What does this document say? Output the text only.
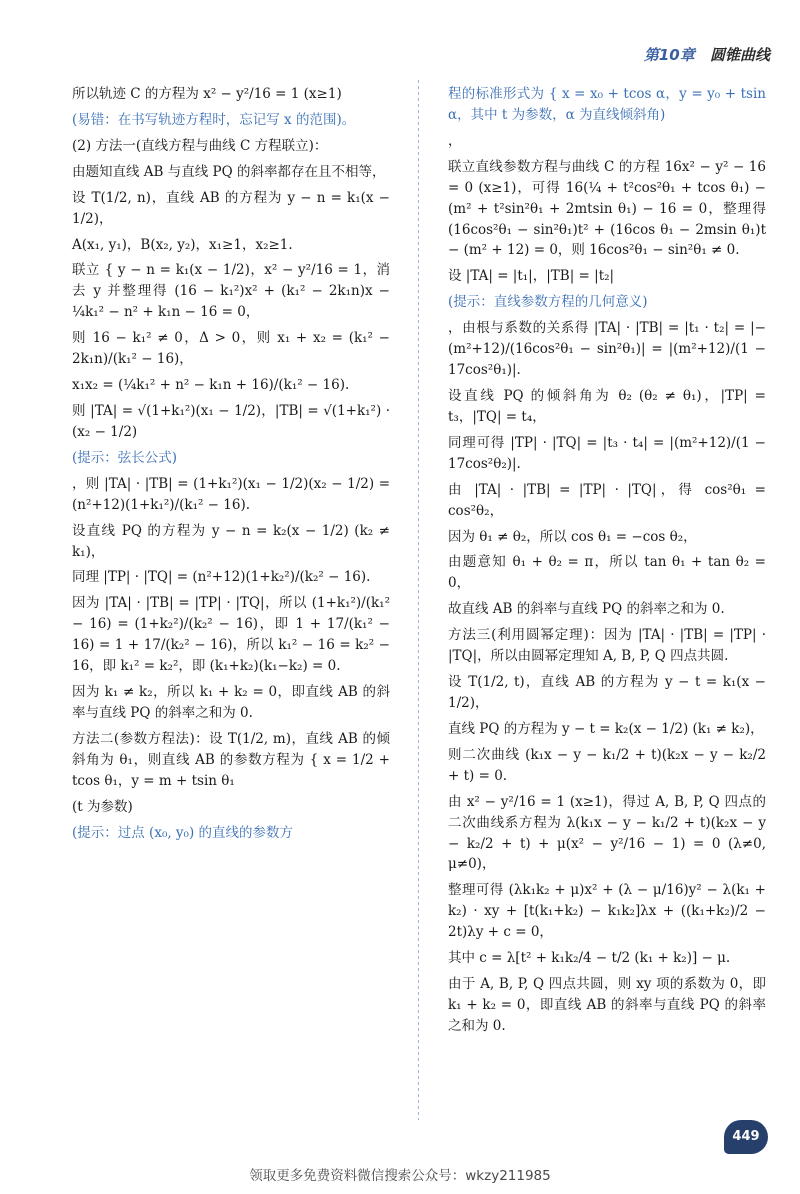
第10章 圆锥曲线

所以轨迹 C 的方程为 x² − y²/16 = 1 (x≥1)

(易错：在书写轨迹方程时，忘记写 x 的范围)。

(2) 方法一(直线方程与曲线 C 方程联立)：

由题知直线 AB 与直线 PQ 的斜率都存在且不相等，

设 T(1/2, n)，直线 AB 的方程为 y − n = k₁(x − 1/2)，

A(x₁, y₁)，B(x₂, y₂)，x₁≥1，x₂≥1.

联立 { y − n = k₁(x − 1/2)，x² − y²/16 = 1，消去 y 并整理得 (16 − k₁²)x² + (k₁² − 2k₁n)x − ¼k₁² − n² + k₁n − 16 = 0，

则 16 − k₁² ≠ 0，Δ > 0，则 x₁ + x₂ = (k₁² − 2k₁n)/(k₁² − 16)，

x₁x₂ = (¼k₁² + n² − k₁n + 16)/(k₁² − 16).

则 |TA| = √(1+k₁²)(x₁ − 1/2)，|TB| = √(1+k₁²) · (x₂ − 1/2)

(提示：弦长公式)

，则 |TA| · |TB| = (1+k₁²)(x₁ − 1/2)(x₂ − 1/2) = (n²+12)(1+k₁²)/(k₁² − 16).

设直线 PQ 的方程为 y − n = k₂(x − 1/2) (k₂ ≠ k₁)，

同理 |TP| · |TQ| = (n²+12)(1+k₂²)/(k₂² − 16).

因为 |TA| · |TB| = |TP| · |TQ|，所以 (1+k₁²)/(k₁² − 16) = (1+k₂²)/(k₂² − 16)，即 1 + 17/(k₁² − 16) = 1 + 17/(k₂² − 16)，所以 k₁² − 16 = k₂² − 16，即 k₁² = k₂²，即 (k₁+k₂)(k₁−k₂) = 0.

因为 k₁ ≠ k₂，所以 k₁ + k₂ = 0，即直线 AB 的斜率与直线 PQ 的斜率之和为 0.

方法二(参数方程法)：设 T(1/2, m)，直线 AB 的倾斜角为 θ₁，则直线 AB 的参数方程为 { x = 1/2 + tcos θ₁，y = m + tsin θ₁

(t 为参数)

(提示：过点 (x₀, y₀) 的直线的参数方

程的标准形式为 { x = x₀ + tcos α，y = y₀ + tsin α，其中 t 为参数，α 为直线倾斜角)

，

联立直线参数方程与曲线 C 的方程 16x² − y² − 16 = 0 (x≥1)，可得 16(¼ + t²cos²θ₁ + tcos θ₁) − (m² + t²sin²θ₁ + 2mtsin θ₁) − 16 = 0，整理得 (16cos²θ₁ − sin²θ₁)t² + (16cos θ₁ − 2msin θ₁)t − (m² + 12) = 0，则 16cos²θ₁ − sin²θ₁ ≠ 0.

设 |TA| = |t₁|，|TB| = |t₂|

(提示：直线参数方程的几何意义)

，由根与系数的关系得 |TA| · |TB| = |t₁ · t₂| = |−(m²+12)/(16cos²θ₁ − sin²θ₁)| = |(m²+12)/(1 − 17cos²θ₁)|.

设直线 PQ 的倾斜角为 θ₂ (θ₂ ≠ θ₁)，|TP| = t₃，|TQ| = t₄，

同理可得 |TP| · |TQ| = |t₃ · t₄| = |(m²+12)/(1 − 17cos²θ₂)|.

由 |TA| · |TB| = |TP| · |TQ|，得 cos²θ₁ = cos²θ₂，

因为 θ₁ ≠ θ₂，所以 cos θ₁ = −cos θ₂，

由题意知 θ₁ + θ₂ = π，所以 tan θ₁ + tan θ₂ = 0，

故直线 AB 的斜率与直线 PQ 的斜率之和为 0.

方法三(利用圆幂定理)：因为 |TA| · |TB| = |TP| · |TQ|，所以由圆幂定理知 A, B, P, Q 四点共圆.

设 T(1/2, t)，直线 AB 的方程为 y − t = k₁(x − 1/2)，

直线 PQ 的方程为 y − t = k₂(x − 1/2) (k₁ ≠ k₂)，

则二次曲线 (k₁x − y − k₁/2 + t)(k₂x − y − k₂/2 + t) = 0.

由 x² − y²/16 = 1 (x≥1)，得过 A, B, P, Q 四点的二次曲线系方程为 λ(k₁x − y − k₁/2 + t)(k₂x − y − k₂/2 + t) + μ(x² − y²/16 − 1) = 0 (λ≠0, μ≠0)，

整理可得 (λk₁k₂ + μ)x² + (λ − μ/16)y² − λ(k₁ + k₂) · xy + [t(k₁+k₂) − k₁k₂]λx + ((k₁+k₂)/2 − 2t)λy + c = 0，

其中 c = λ[t² + k₁k₂/4 − t/2 (k₁ + k₂)] − μ.

由于 A, B, P, Q 四点共圆，则 xy 项的系数为 0，即 k₁ + k₂ = 0，即直线 AB 的斜率与直线 PQ 的斜率之和为 0.

449
领取更多免费资料微信搜索公众号：wkzy211985
